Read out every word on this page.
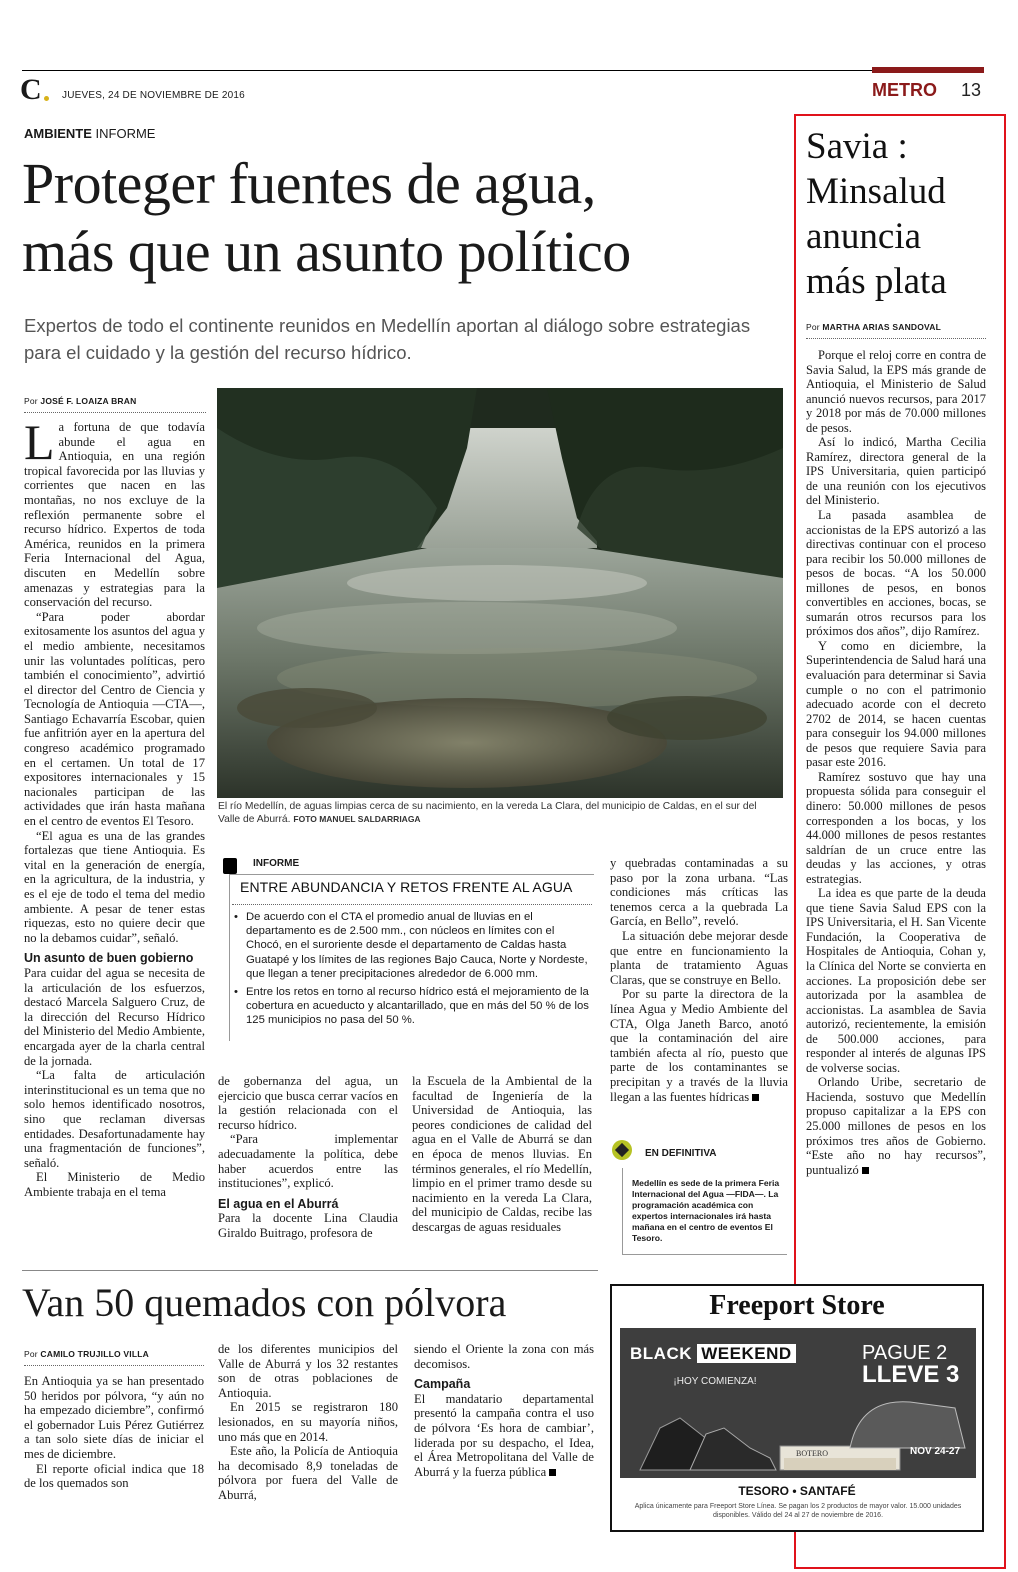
C JUEVES, 24 DE NOVIEMBRE DE 2016	METRO 13
AMBIENTE INFORME
Proteger fuentes de agua,
más que un asunto político
Expertos de todo el continente reunidos en Medellín aportan al diálogo sobre estrategias para el cuidado y la gestión del recurso hídrico.
Por JOSÉ F. LOAIZA BRAN

La fortuna de que todavía abunde el agua en Antioquia, en una región tropical favorecida por las lluvias y corrientes que nacen en las montañas, no nos excluye de la reflexión permanente sobre el recurso hídrico. Expertos de toda América, reunidos en la primera Feria Internacional del Agua, discuten en Medellín sobre amenazas y estrategias para la conservación del recurso.

“Para poder abordar exitosamente los asuntos del agua y el medio ambiente, necesitamos unir las voluntades políticas, pero también el conocimiento”, advirtió el director del Centro de Ciencia y Tecnología de Antioquia —CTA—, Santiago Echavarría Escobar, quien fue anfitrión ayer en la apertura del congreso académico programado en el certamen. Un total de 17 expositores internacionales y 15 nacionales participan de las actividades que irán hasta mañana en el centro de eventos El Tesoro.

“El agua es una de las grandes fortalezas que tiene Antioquia. Es vital en la generación de energía, en la agricultura, de la industria, y es el eje de todo el tema del medio ambiente. A pesar de tener estas riquezas, esto no quiere decir que no la debamos cuidar”, señaló.

Un asunto de buen gobierno

Para cuidar del agua se necesita de la articulación de los esfuerzos, destacó Marcela Salguero Cruz, de la dirección del Recurso Hídrico del Ministerio del Medio Ambiente, encargada ayer de la charla central de la jornada.

“La falta de articulación interinstitucional es un tema que no solo hemos identificado nosotros, sino que reclaman diversas entidades. Desafortunadamente hay una fragmentación de funciones”, señaló.

El Ministerio de Medio Ambiente trabaja en el tema

El río Medellín, de aguas limpias cerca de su nacimiento, en la vereda La Clara, del municipio de Caldas, en el sur del Valle de Aburrá. FOTO MANUEL SALDARRIAGA
INFORME
ENTRE ABUNDANCIA Y RETOS FRENTE AL AGUA
• De acuerdo con el CTA el promedio anual de lluvias en el departamento es de 2.500 mm., con núcleos en límites con el Chocó, en el suroriente desde el departamento de Caldas hasta Guatapé y los límites de las regiones Bajo Cauca, Norte y Nordeste, que llegan a tener precipitaciones alrededor de 6.000 mm.
• Entre los retos en torno al recurso hídrico está el mejoramiento de la cobertura en acueducto y alcantarillado, que en más del 50 % de los 125 municipios no pasa del 50 %.

de gobernanza del agua, un ejercicio que busca cerrar vacíos en la gestión relacionada con el recurso hídrico.

“Para implementar adecuadamente la política, debe haber acuerdos entre las instituciones”, explicó.

El agua en el Aburrá

Para la docente Lina Claudia Giraldo Buitrago, profesora de

la Escuela de la Ambiental de la facultad de Ingeniería de la Universidad de Antioquia, las peores condiciones de calidad del agua en el Valle de Aburrá se dan en época de menos lluvias. En términos generales, el río Medellín, limpio en el primer tramo desde su nacimiento en la vereda La Clara, del municipio de Caldas, recibe las descargas de aguas residuales

y quebradas contaminadas a su paso por la zona urbana. “Las condiciones más críticas las tenemos cerca a la quebrada La García, en Bello”, reveló.

La situación debe mejorar desde que entre en funcionamiento la planta de tratamiento Aguas Claras, que se construye en Bello.

Por su parte la directora de la línea Agua y Medio Ambiente del CTA, Olga Janeth Barco, anotó que la contaminación del aire también afecta al río, puesto que parte de los contaminantes se precipitan y a través de la lluvia llegan a las fuentes hídricas

EN DEFINITIVA
Medellín es sede de la primera Feria Internacional del Agua —FIDA—. La programación académica con expertos internacionales irá hasta mañana en el centro de eventos El Tesoro.
Savia :
Minsalud
anuncia
más plata
Por MARTHA ARIAS SANDOVAL

Porque el reloj corre en contra de Savia Salud, la EPS más grande de Antioquia, el Ministerio de Salud anunció nuevos recursos, para 2017 y 2018 por más de 70.000 millones de pesos.

Así lo indicó, Martha Cecilia Ramírez, directora general de la IPS Universitaria, quien participó de una reunión con los ejecutivos del Ministerio.

La pasada asamblea de accionistas de la EPS autorizó a las directivas continuar con el proceso para recibir los 50.000 millones de pesos de bocas. “A los 50.000 millones de pesos, en bonos convertibles en acciones, bocas, se sumarán otros recursos para los próximos dos años”, dijo Ramírez.

Y como en diciembre, la Superintendencia de Salud hará una evaluación para determinar si Savia cumple o no con el patrimonio adecuado acorde con el decreto 2702 de 2014, se hacen cuentas para conseguir los 94.000 millones de pesos que requiere Savia para pasar este 2016.

Ramírez sostuvo que hay una propuesta sólida para conseguir el dinero: 50.000 millones de pesos corresponden a los bocas, y los 44.000 millones de pesos restantes saldrían de un cruce entre las deudas y las acciones, y otras estrategias.

La idea es que parte de la deuda que tiene Savia Salud EPS con la IPS Universitaria, el H. San Vicente Fundación, la Cooperativa de Hospitales de Antioquia, Cohan y, la Clínica del Norte se convierta en acciones. La proposición debe ser autorizada por la asamblea de accionistas. La asamblea de Savia autorizó, recientemente, la emisión de 500.000 acciones, para responder al interés de algunas IPS de volverse socias.

Orlando Uribe, secretario de Hacienda, sostuvo que Medellín propuso capitalizar a la EPS con 25.000 millones de pesos en los próximos tres años de Gobierno. “Este año no hay recursos”, puntualizó

Van 50 quemados con pólvora
Por CAMILO TRUJILLO VILLA

En Antioquia ya se han presentado 50 heridos por pólvora, “y aún no ha empezado diciembre”, confirmó el gobernador Luis Pérez Gutiérrez a tan solo siete días de iniciar el mes de diciembre.

El reporte oficial indica que 18 de los quemados son

de los diferentes municipios del Valle de Aburrá y los 32 restantes son de otras poblaciones de Antioquia.

En 2015 se registraron 180 lesionados, en su mayoría niños, uno más que en 2014.

Este año, la Policía de Antioquia ha decomisado 8,9 toneladas de pólvora por fuera del Valle de Aburrá,

siendo el Oriente la zona con más decomisos.

Campaña

El mandatario departamental presentó la campaña contra el uso de pólvora ‘Es hora de cambiar’, liderada por su despacho, el Idea, el Área Metropolitana del Valle de Aburrá y la fuerza pública

Freeport Store
BLACK WEEKEND
¡HOY COMIENZA!
PAGUE 2
LLEVE 3
BOTERO	NOV 24-27
TESORO • SANTAFÉ
Aplica únicamente para Freeport Store Línea. Se pagan los 2 productos de mayor valor. 15.000 unidades disponibles. Válido del 24 al 27 de noviembre de 2016.
